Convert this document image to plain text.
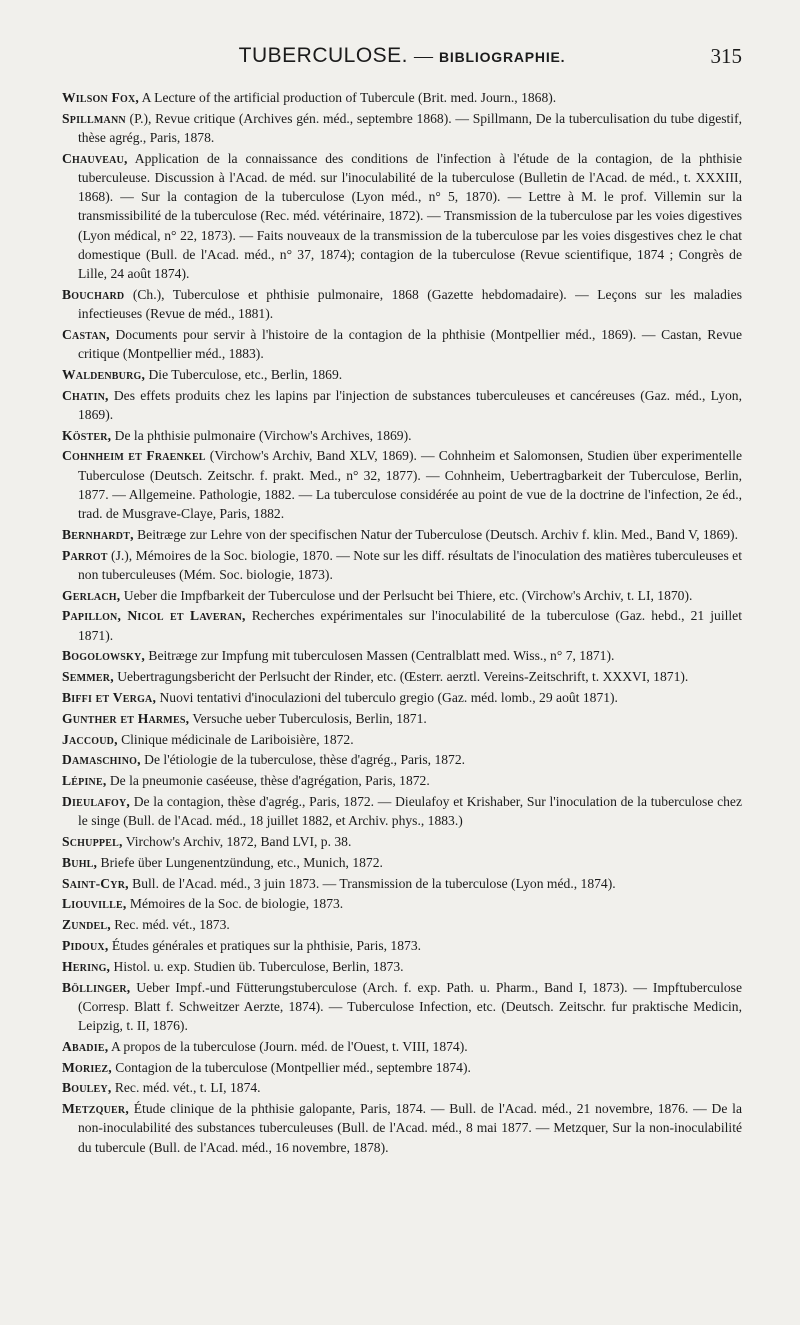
TUBERCULOSE. — BIBLIOGRAPHIE.	315
Wilson Fox, A Lecture of the artificial production of Tubercule (Brit. med. Journ., 1868).
Spillmann (P.), Revue critique (Archives gén. méd., septembre 1868). — Spillmann, De la tuberculisation du tube digestif, thèse agrég., Paris, 1878.
Chauveau, Application de la connaissance des conditions de l'infection à l'étude de la contagion, de la phthisie tuberculeuse. Discussion à l'Acad. de méd. sur l'inoculabilité de la tuberculose (Bulletin de l'Acad. de méd., t. XXXIII, 1868). — Sur la contagion de la tuberculose (Lyon méd., n° 5, 1870). — Lettre à M. le prof. Villemin sur la transmissibilité de la tuberculose (Rec. méd. vétérinaire, 1872). — Transmission de la tuberculose par les voies digestives (Lyon médical, n° 22, 1873). — Faits nouveaux de la transmission de la tuberculose par les voies disgestives chez le chat domestique (Bull. de l'Acad. méd., n° 37, 1874); contagion de la tuberculose (Revue scientifique, 1874 ; Congrès de Lille, 24 août 1874).
Bouchard (Ch.), Tuberculose et phthisie pulmonaire, 1868 (Gazette hebdomadaire). — Leçons sur les maladies infectieuses (Revue de méd., 1881).
Castan, Documents pour servir à l'histoire de la contagion de la phthisie (Montpellier méd., 1869). — Castan, Revue critique (Montpellier méd., 1883).
Waldenburg, Die Tuberculose, etc., Berlin, 1869.
Chatin, Des effets produits chez les lapins par l'injection de substances tuberculeuses et cancéreuses (Gaz. méd., Lyon, 1869).
Köster, De la phthisie pulmonaire (Virchow's Archives, 1869).
Cohnheim et Fraenkel (Virchow's Archiv, Band XLV, 1869). — Cohnheim et Salomonsen, Studien über experimentelle Tuberculose (Deutsch. Zeitschr. f. prakt. Med., n° 32, 1877). — Cohnheim, Uebertragbarkeit der Tuberculose, Berlin, 1877. — Allgemeine. Pathologie, 1882. — La tuberculose considérée au point de vue de la doctrine de l'infection, 2e éd., trad. de Musgrave-Claye, Paris, 1882.
Bernhardt, Beitræge zur Lehre von der specifischen Natur der Tuberculose (Deutsch. Archiv f. klin. Med., Band V, 1869).
Parrot (J.), Mémoires de la Soc. biologie, 1870. — Note sur les diff. résultats de l'inoculation des matières tuberculeuses et non tuberculeuses (Mém. Soc. biologie, 1873).
Gerlach, Ueber die Impfbarkeit der Tuberculose und der Perlsucht bei Thiere, etc. (Virchow's Archiv, t. LI, 1870).
Papillon, Nicol et Laveran, Recherches expérimentales sur l'inoculabilité de la tuberculose (Gaz. hebd., 21 juillet 1871).
Bogolowsky, Beitræge zur Impfung mit tuberculosen Massen (Centralblatt med. Wiss., n° 7, 1871).
Semmer, Uebertragungsbericht der Perlsucht der Rinder, etc. (Œsterr. aerztl. Vereins-Zeitschrift, t. XXXVI, 1871).
Biffi et Verga, Nuovi tentativi d'inoculazioni del tuberculo gregio (Gaz. méd. lomb., 29 août 1871).
Gunther et Harmes, Versuche ueber Tuberculosis, Berlin, 1871.
Jaccoud, Clinique médicinale de Lariboisière, 1872.
Damaschino, De l'étiologie de la tuberculose, thèse d'agrég., Paris, 1872.
Lépine, De la pneumonie caséeuse, thèse d'agrégation, Paris, 1872.
Dieulafoy, De la contagion, thèse d'agrég., Paris, 1872. — Dieulafoy et Krishaber, Sur l'inoculation de la tuberculose chez le singe (Bull. de l'Acad. méd., 18 juillet 1882, et Archiv. phys., 1883.)
Schuppel, Virchow's Archiv, 1872, Band LVI, p. 38.
Buhl, Briefe über Lungenentzündung, etc., Munich, 1872.
Saint-Cyr, Bull. de l'Acad. méd., 3 juin 1873. — Transmission de la tuberculose (Lyon méd., 1874).
Liouville, Mémoires de la Soc. de biologie, 1873.
Zundel, Rec. méd. vét., 1873.
Pidoux, Études générales et pratiques sur la phthisie, Paris, 1873.
Hering, Histol. u. exp. Studien üb. Tuberculose, Berlin, 1873.
Böllinger, Ueber Impf.-und Fütterungstuberculose (Arch. f. exp. Path. u. Pharm., Band I, 1873). — Impftuberculose (Corresp. Blatt f. Schweitzer Aerzte, 1874). — Tuberculose Infection, etc. (Deutsch. Zeitschr. fur praktische Medicin, Leipzig, t. II, 1876).
Abadie, A propos de la tuberculose (Journ. méd. de l'Ouest, t. VIII, 1874).
Moriez, Contagion de la tuberculose (Montpellier méd., septembre 1874).
Bouley, Rec. méd. vét., t. LI, 1874.
Metzquer, Étude clinique de la phthisie galopante, Paris, 1874. — Bull. de l'Acad. méd., 21 novembre, 1876. — De la non-inoculabilité des substances tuberculeuses (Bull. de l'Acad. méd., 8 mai 1877. — Metzquer, Sur la non-inoculabilité du tubercule (Bull. de l'Acad. méd., 16 novembre, 1878).
